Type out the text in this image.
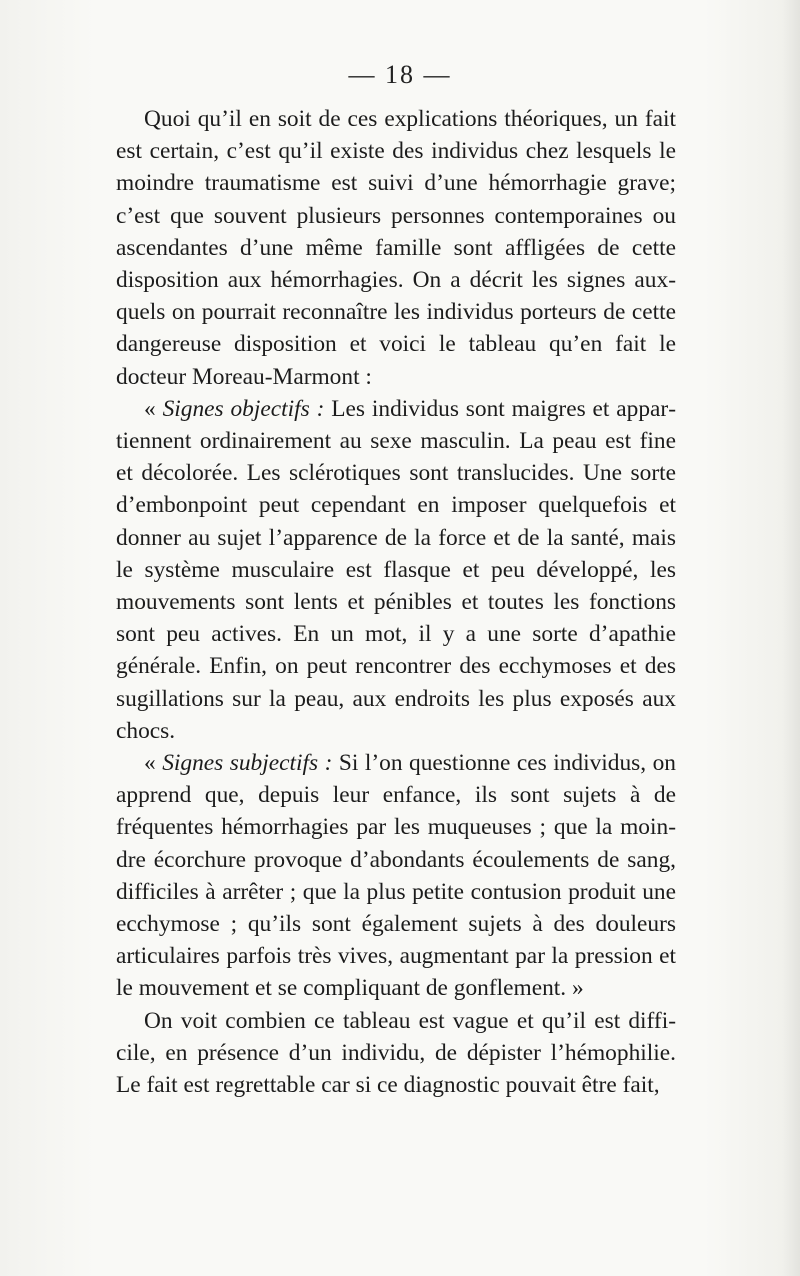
— 18 —

Quoi qu’il en soit de ces explications théoriques, un fait est certain, c’est qu’il existe des individus chez lesquels le moindre traumatisme est suivi d’une hémorrhagie grave; c’est que souvent plusieurs personnes contemporaines ou ascendantes d’une même famille sont affligées de cette disposition aux hémorrhagies. On a décrit les signes auxquels on pourrait reconnaître les individus porteurs de cette dangereuse disposition et voici le tableau qu’en fait le docteur Moreau-Marmont :

« Signes objectifs : Les individus sont maigres et appartiennent ordinairement au sexe masculin. La peau est fine et décolorée. Les sclérotiques sont translucides. Une sorte d’embonpoint peut cependant en imposer quelquefois et donner au sujet l’apparence de la force et de la santé, mais le système musculaire est flasque et peu développé, les mouvements sont lents et pénibles et toutes les fonctions sont peu actives. En un mot, il y a une sorte d’apathie générale. Enfin, on peut rencontrer des ecchymoses et des sugillations sur la peau, aux endroits les plus exposés aux chocs.

« Signes subjectifs : Si l’on questionne ces individus, on apprend que, depuis leur enfance, ils sont sujets à de fréquentes hémorrhagies par les muqueuses ; que la moindre écorchure provoque d’abondants écoulements de sang, difficiles à arrêter ; que la plus petite contusion produit une ecchymose ; qu’ils sont également sujets à des douleurs articulaires parfois très vives, augmentant par la pression et le mouvement et se compliquant de gonflement. »

On voit combien ce tableau est vague et qu’il est difficile, en présence d’un individu, de dépister l’hémophilie. Le fait est regrettable car si ce diagnostic pouvait être fait,
